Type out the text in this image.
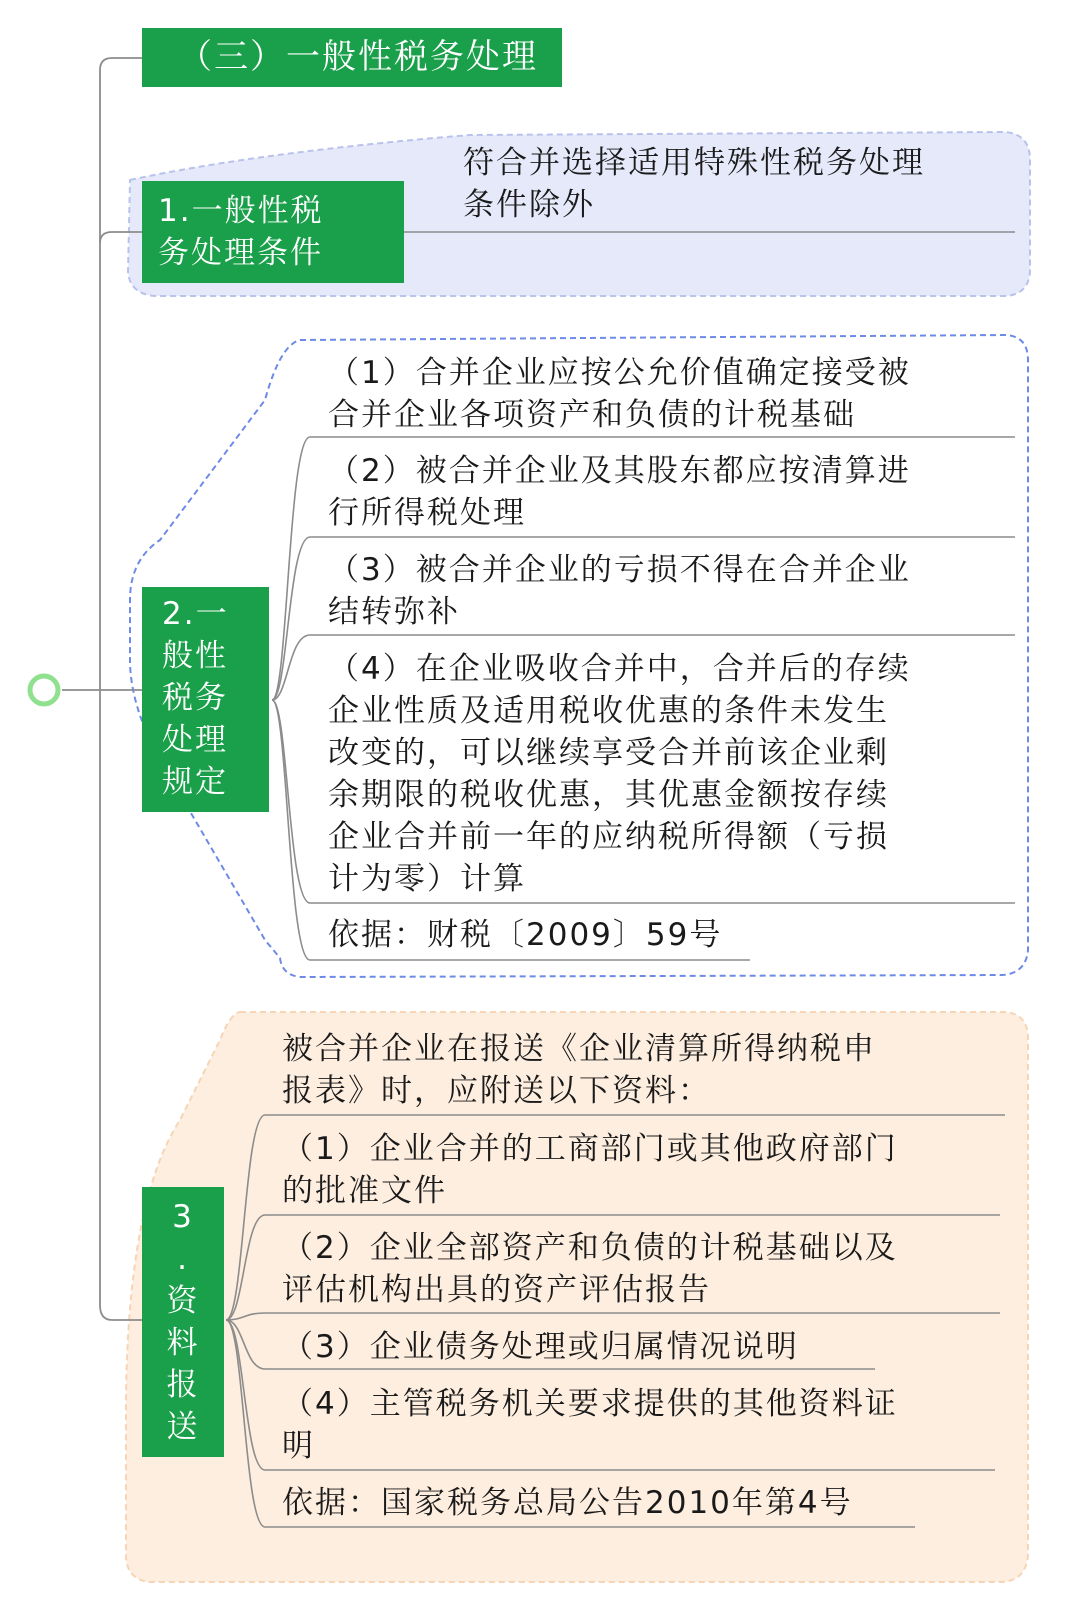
（三）一般性税务处理
1.一般性税
务处理条件
符合并选择适用特殊性税务处理
条件除外
2.一
般性
税务
处理
规定
（1）合并企业应按公允价值确定接受被
合并企业各项资产和负债的计税基础
（2）被合并企业及其股东都应按清算进
行所得税处理
（3）被合并企业的亏损不得在合并企业
结转弥补
（4）在企业吸收合并中，合并后的存续
企业性质及适用税收优惠的条件未发生
改变的，可以继续享受合并前该企业剩
余期限的税收优惠，其优惠金额按存续
企业合并前一年的应纳税所得额（亏损
计为零）计算
依据：财税〔2009〕59号
3
.
资
料
报
送
被合并企业在报送《企业清算所得纳税申
报表》时，应附送以下资料：
（1）企业合并的工商部门或其他政府部门
的批准文件
（2）企业全部资产和负债的计税基础以及
评估机构出具的资产评估报告
（3）企业债务处理或归属情况说明
（4）主管税务机关要求提供的其他资料证
明
依据：国家税务总局公告2010年第4号
